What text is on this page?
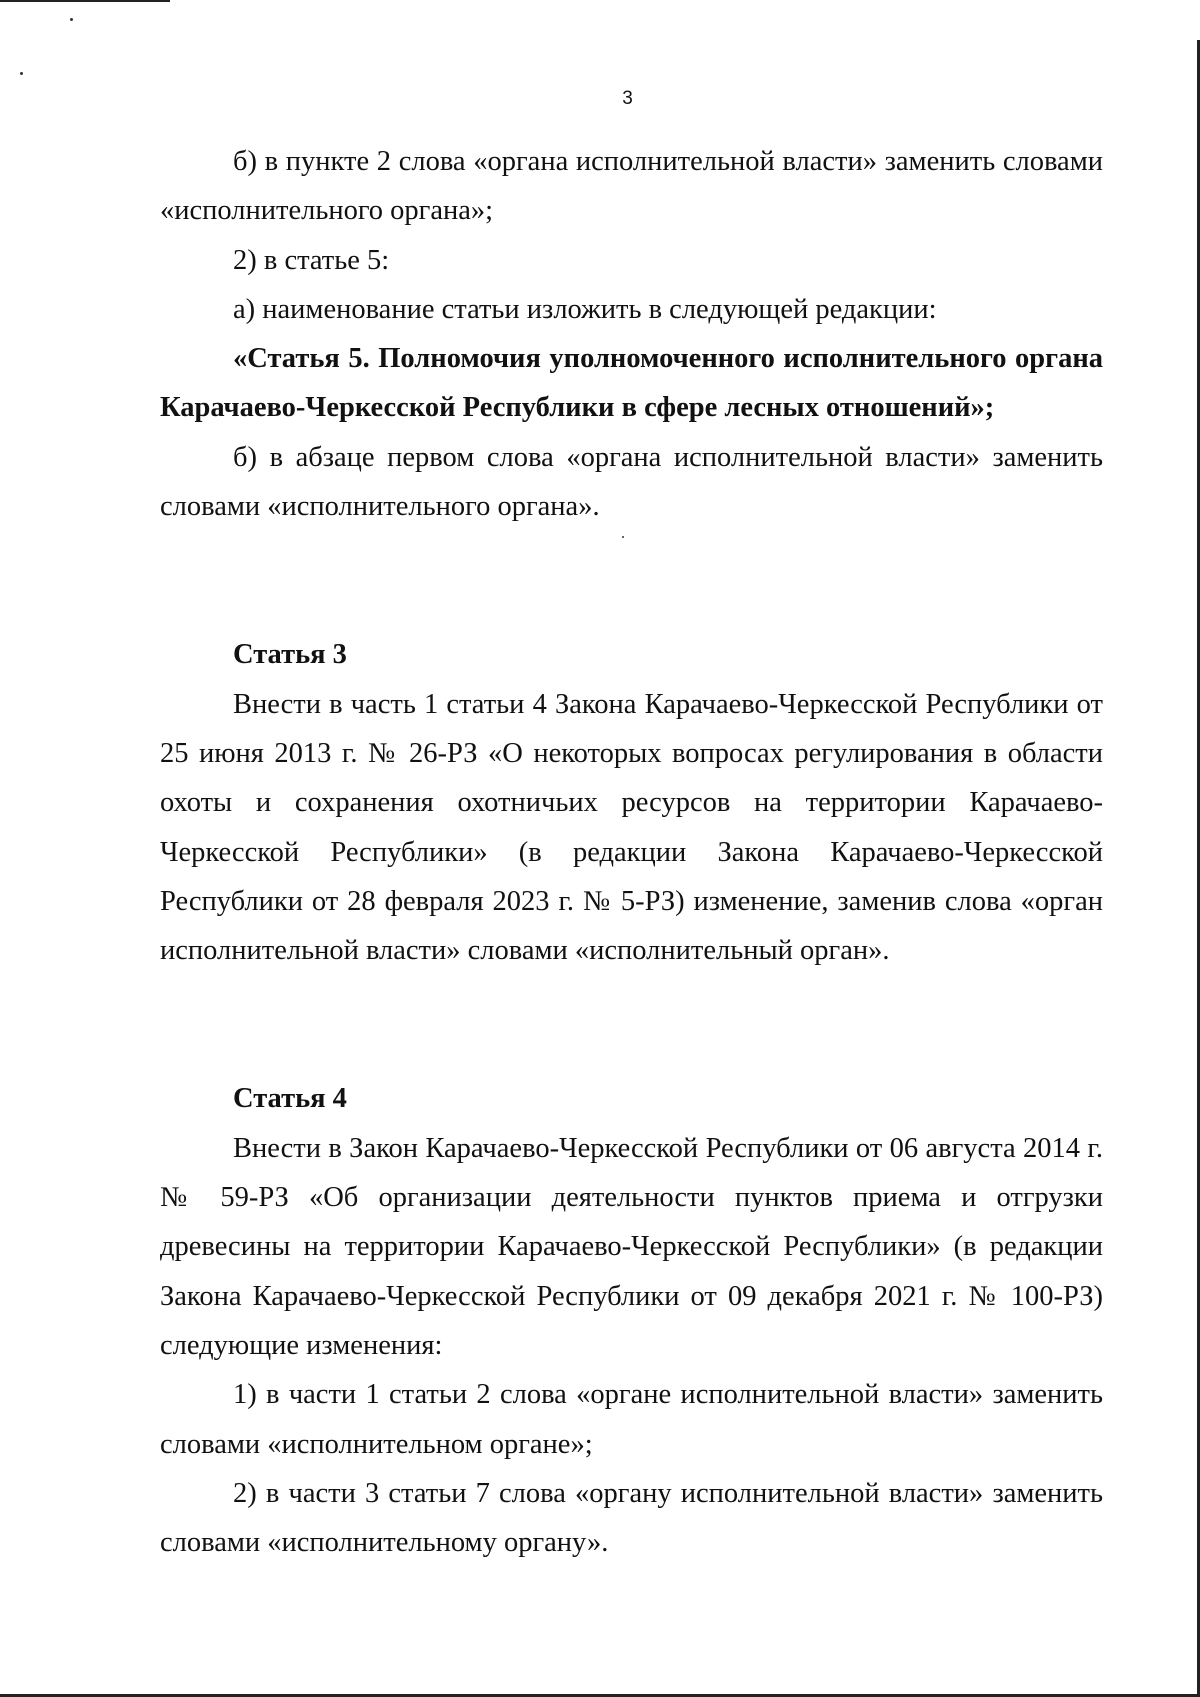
3

б) в пункте 2 слова «органа исполнительной власти» заменить словами «исполнительного органа»;

2) в статье 5:

а) наименование статьи изложить в следующей редакции:

«Статья 5. Полномочия уполномоченного исполнительного органа Карачаево-Черкесской Республики в сфере лесных отношений»;

б) в абзаце первом слова «органа исполнительной власти» заменить словами «исполнительного органа».

Статья 3

Внести в часть 1 статьи 4 Закона Карачаево-Черкесской Республики от 25 июня 2013 г. № 26-РЗ «О некоторых вопросах регулирования в области охоты и сохранения охотничьих ресурсов на территории Карачаево-Черкесской Республики» (в редакции Закона Карачаево-Черкесской Республики от 28 февраля 2023 г. № 5-РЗ) изменение, заменив слова «орган исполнительной власти» словами «исполнительный орган».

Статья 4

Внести в Закон Карачаево-Черкесской Республики от 06 августа 2014 г. № 59-РЗ «Об организации деятельности пунктов приема и отгрузки древесины на территории Карачаево-Черкесской Республики» (в редакции Закона Карачаево-Черкесской Республики от 09 декабря 2021 г. № 100-РЗ) следующие изменения:

1) в части 1 статьи 2 слова «органе исполнительной власти» заменить словами «исполнительном органе»;

2) в части 3 статьи 7 слова «органу исполнительной власти» заменить словами «исполнительному органу».
